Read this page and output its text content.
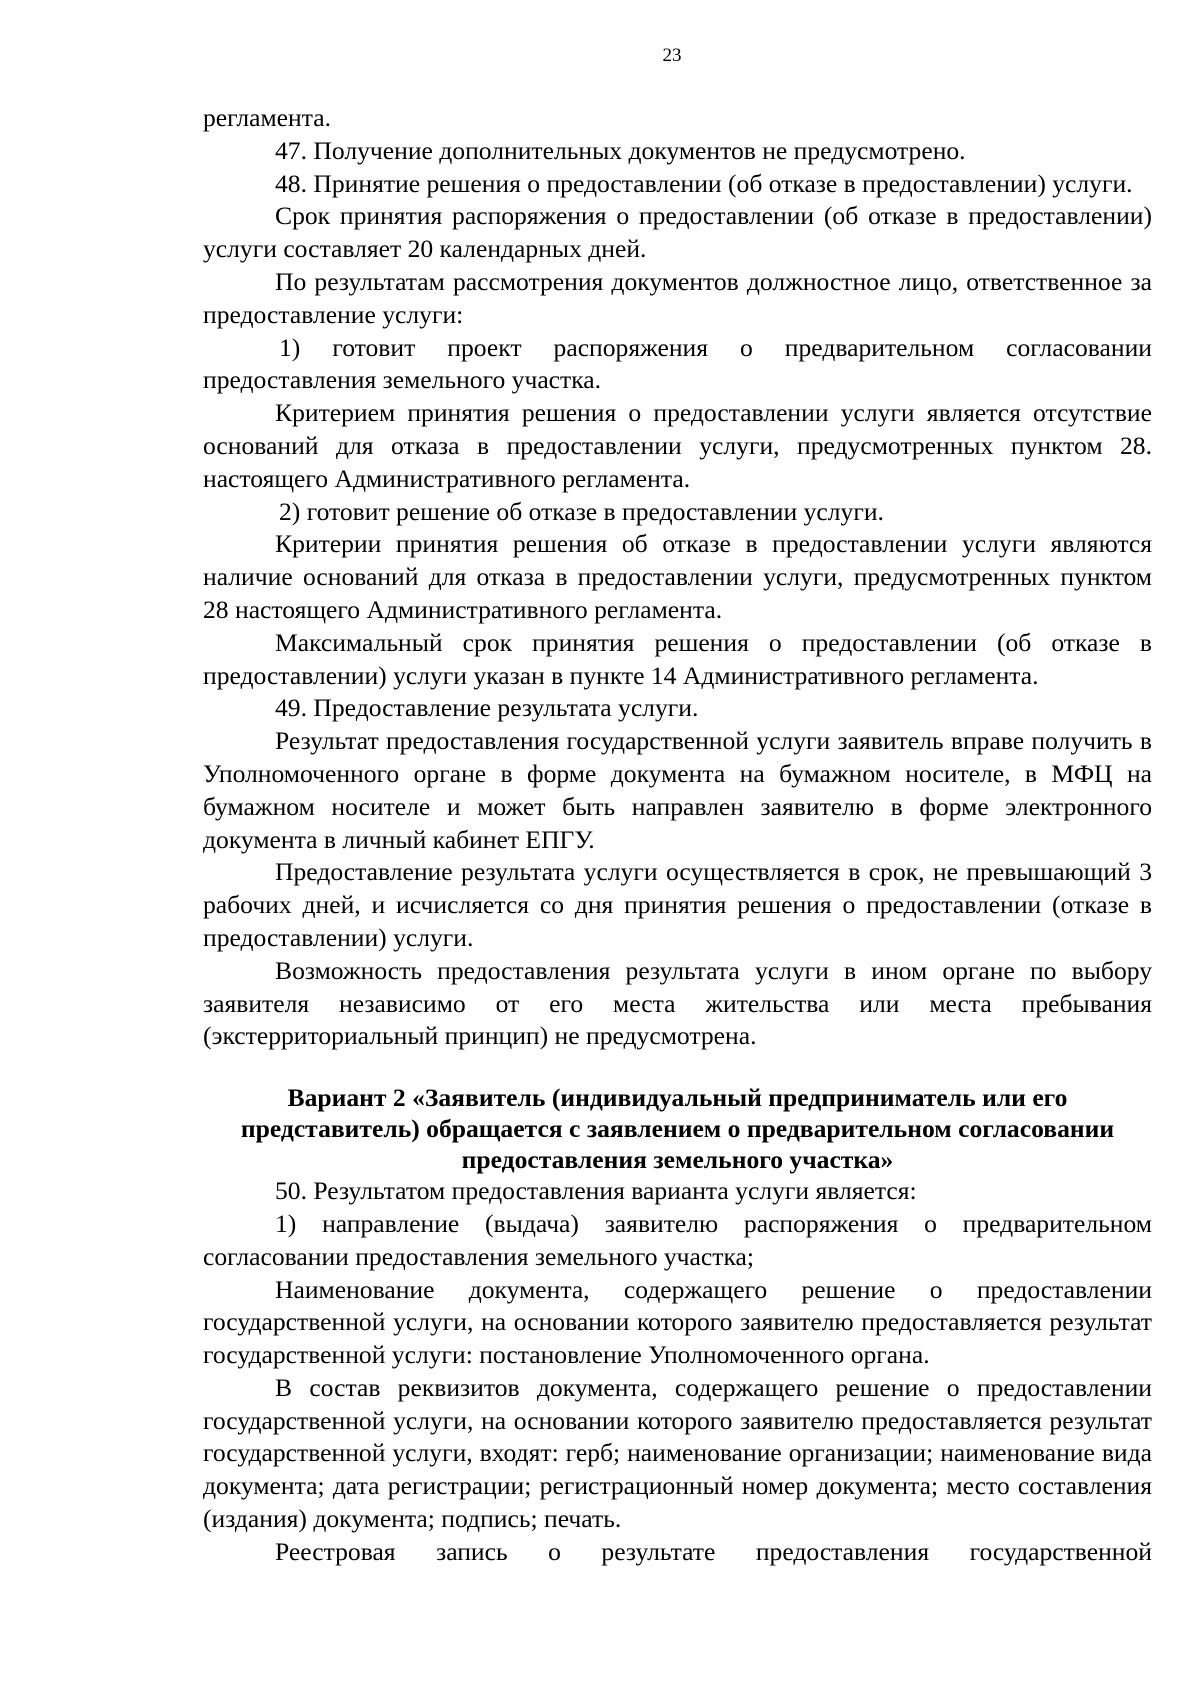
23

регламента.

47. Получение дополнительных документов не предусмотрено.

48. Принятие решения о предоставлении (об отказе в предоставлении) услуги.

Срок принятия распоряжения о предоставлении (об отказе в предоставлении) услуги составляет 20 календарных дней.

По результатам рассмотрения документов должностное лицо, ответственное за предоставление услуги:

1) готовит проект распоряжения о предварительном согласовании предоставления земельного участка.

Критерием принятия решения о предоставлении услуги является отсутствие оснований для отказа в предоставлении услуги, предусмотренных пунктом 28. настоящего Административного регламента.

2) готовит решение об отказе в предоставлении услуги.

Критерии принятия решения об отказе в предоставлении услуги являются наличие оснований для отказа в предоставлении услуги, предусмотренных пунктом 28 настоящего Административного регламента.

Максимальный срок принятия решения о предоставлении (об отказе в предоставлении) услуги указан в пункте 14 Административного регламента.

49. Предоставление результата услуги.

Результат предоставления государственной услуги заявитель вправе получить в Уполномоченного органе в форме документа на бумажном носителе, в МФЦ на бумажном носителе и может быть направлен заявителю в форме электронного документа в личный кабинет ЕПГУ.

Предоставление результата услуги осуществляется в срок, не превышающий 3 рабочих дней, и исчисляется со дня принятия решения о предоставлении (отказе в предоставлении) услуги.

Возможность предоставления результата услуги в ином органе по выбору заявителя независимо от его места жительства или места пребывания (экстерриториальный принцип) не предусмотрена.

Вариант 2 «Заявитель (индивидуальный предприниматель или его представитель) обращается с заявлением о предварительном согласовании предоставления земельного участка»

50. Результатом предоставления варианта услуги является:

1) направление (выдача) заявителю распоряжения о предварительном согласовании предоставления земельного участка;

Наименование документа, содержащего решение о предоставлении государственной услуги, на основании которого заявителю предоставляется результат государственной услуги: постановление Уполномоченного органа.

В состав реквизитов документа, содержащего решение о предоставлении государственной услуги, на основании которого заявителю предоставляется результат государственной услуги, входят: герб; наименование организации; наименование вида документа; дата регистрации; регистрационный номер документа; место составления (издания) документа; подпись; печать.

Реестровая запись о результате предоставления государственной
